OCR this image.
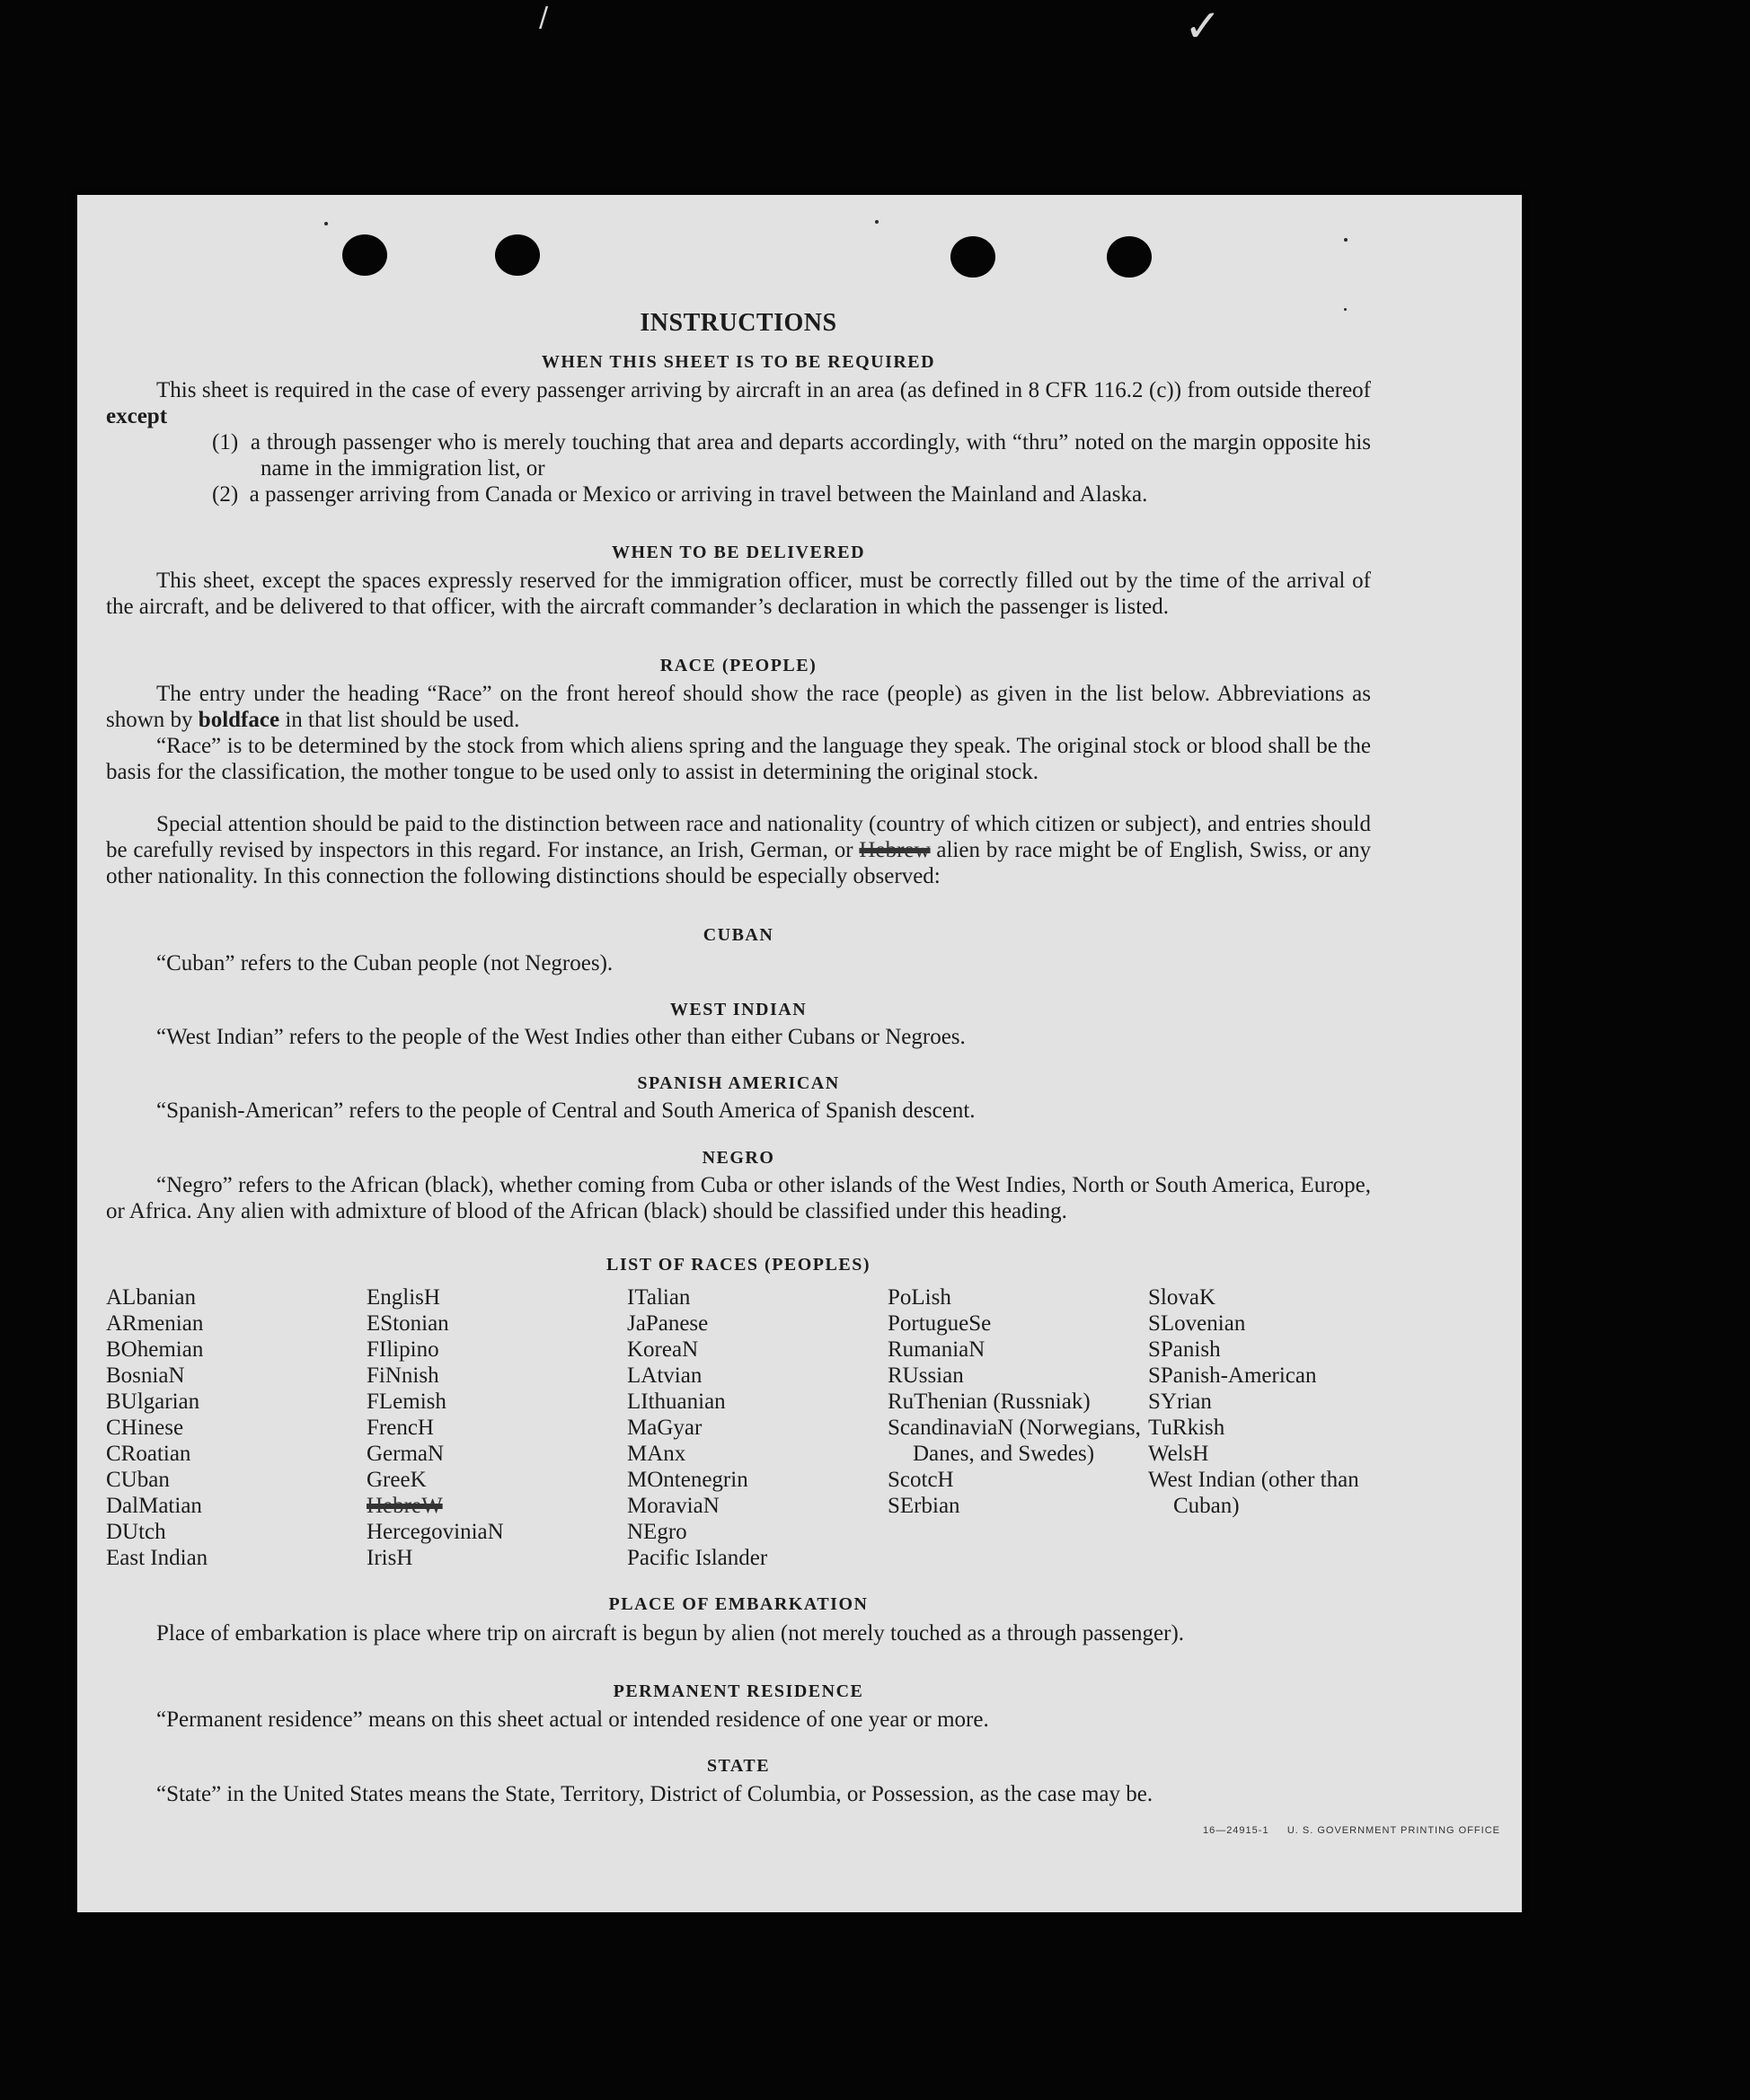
/	✓
INSTRUCTIONS
WHEN THIS SHEET IS TO BE REQUIRED

This sheet is required in the case of every passenger arriving by aircraft in an area (as defined in 8 CFR 116.2 (c)) from outside thereof except

(1) a through passenger who is merely touching that area and departs accordingly, with “thru” noted on the margin opposite his name in the immigration list, or

(2) a passenger arriving from Canada or Mexico or arriving in travel between the Mainland and Alaska.

WHEN TO BE DELIVERED

This sheet, except the spaces expressly reserved for the immigration officer, must be correctly filled out by the time of the arrival of the aircraft, and be delivered to that officer, with the aircraft commander’s declaration in which the passenger is listed.

RACE (PEOPLE)

The entry under the heading “Race” on the front hereof should show the race (people) as given in the list below. Abbreviations as shown by boldface in that list should be used.

“Race” is to be determined by the stock from which aliens spring and the language they speak. The original stock or blood shall be the basis for the classification, the mother tongue to be used only to assist in determining the original stock.

Special attention should be paid to the distinction between race and nationality (country of which citizen or subject), and entries should be carefully revised by inspectors in this regard. For instance, an Irish, German, or Hebrew alien by race might be of English, Swiss, or any other nationality. In this connection the following distinctions should be especially observed:

CUBAN

“Cuban” refers to the Cuban people (not Negroes).

WEST INDIAN

“West Indian” refers to the people of the West Indies other than either Cubans or Negroes.

SPANISH AMERICAN

“Spanish-American” refers to the people of Central and South America of Spanish descent.

NEGRO

“Negro” refers to the African (black), whether coming from Cuba or other islands of the West Indies, North or South America, Europe, or Africa. Any alien with admixture of blood of the African (black) should be classified under this heading.

LIST OF RACES (PEOPLES)
ALbanian
ARmenian
BOhemian
BosniaN
BUlgarian
CHinese
CRoatian
CUban
DalMatian
DUtch
East Indian
EnglisH
EStonian
FIlipino
FiNnish
FLemish
FrencH
GermaN
GreeK
HebreW
HercegoviniaN
IrisH
ITalian
JaPanese
KoreaN
LAtvian
LIthuanian
MaGyar
MAnx
MOntenegrin
MoraviaN
NEgro
Pacific Islander
PoLish
PortugueSe
RumaniaN
RUssian
RuThenian (Russniak)
ScandinaviaN (Norwegians, Danes, and Swedes)
ScotcH
SErbian
SlovaK
SLovenian
SPanish
SPanish-American
SYrian
TuRkish
WelsH
West Indian (other than Cuban)
PLACE OF EMBARKATION

Place of embarkation is place where trip on aircraft is begun by alien (not merely touched as a through passenger).

PERMANENT RESIDENCE

“Permanent residence” means on this sheet actual or intended residence of one year or more.

STATE

“State” in the United States means the State, Territory, District of Columbia, or Possession, as the case may be.

16—24915-1 U. S. GOVERNMENT PRINTING OFFICE
